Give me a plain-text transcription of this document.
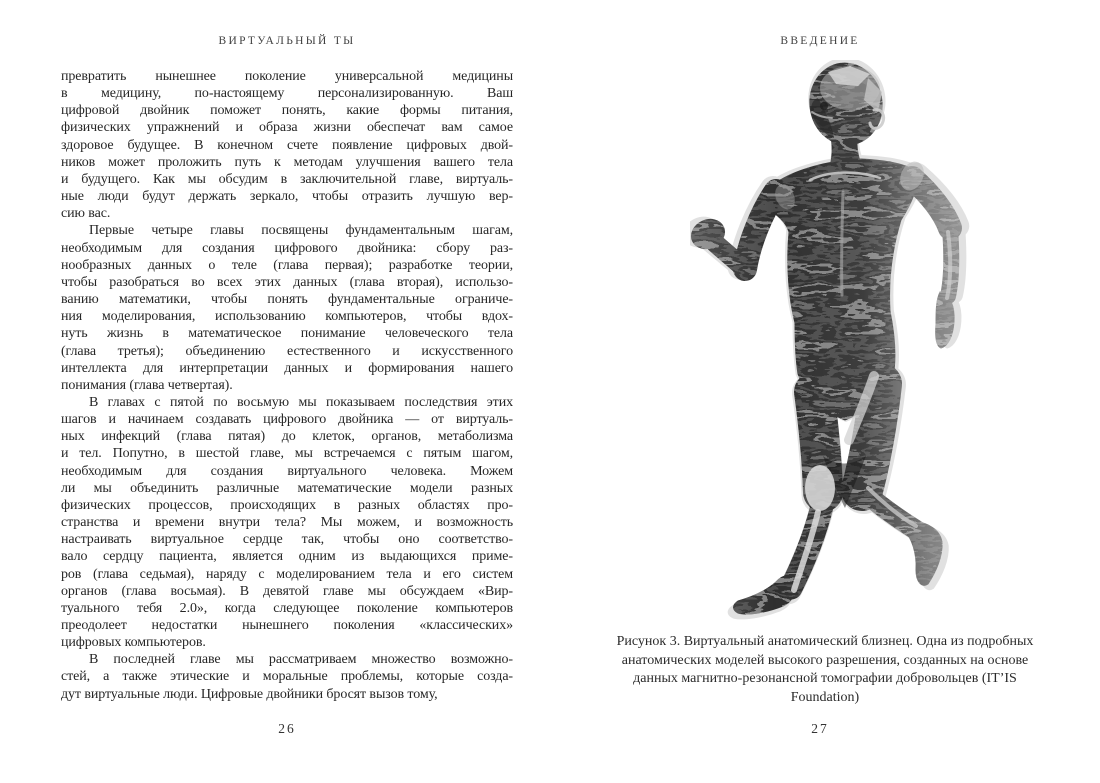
ВИРТУАЛЬНЫЙ ТЫ
превратить нынешнее поколение универсальной медицины
в медицину, по-настоящему персонализированную. Ваш
цифровой двойник поможет понять, какие формы питания,
физических упражнений и образа жизни обеспечат вам самое
здоровое будущее. В конечном счете появление цифровых двой-
ников может проложить путь к методам улучшения вашего тела
и будущего. Как мы обсудим в заключительной главе, виртуаль-
ные люди будут держать зеркало, чтобы отразить лучшую вер-
сию вас.
Первые четыре главы посвящены фундаментальным шагам,
необходимым для создания цифрового двойника: сбору раз-
нообразных данных о теле (глава первая); разработке теории,
чтобы разобраться во всех этих данных (глава вторая), использо-
ванию математики, чтобы понять фундаментальные ограниче-
ния моделирования, использованию компьютеров, чтобы вдох-
нуть жизнь в математическое понимание человеческого тела
(глава третья); объединению естественного и искусственного
интеллекта для интерпретации данных и формирования нашего
понимания (глава четвертая).
В главах с пятой по восьмую мы показываем последствия этих
шагов и начинаем создавать цифрового двойника — от виртуаль-
ных инфекций (глава пятая) до клеток, органов, метаболизма
и тел. Попутно, в шестой главе, мы встречаемся с пятым шагом,
необходимым для создания виртуального человека. Можем
ли мы объединить различные математические модели разных
физических процессов, происходящих в разных областях про-
странства и времени внутри тела? Мы можем, и возможность
настраивать виртуальное сердце так, чтобы оно соответство-
вало сердцу пациента, является одним из выдающихся приме-
ров (глава седьмая), наряду с моделированием тела и его систем
органов (глава восьмая). В девятой главе мы обсуждаем «Вир-
туального тебя 2.0», когда следующее поколение компьютеров
преодолеет недостатки нынешнего поколения «классических»
цифровых компьютеров.
В последней главе мы рассматриваем множество возможно-
стей, а также этические и моральные проблемы, которые созда-
дут виртуальные люди. Цифровые двойники бросят вызов тому,
26
ВВЕДЕНИЕ
Рисунок 3. Виртуальный анатомический близнец. Одна из подробных
анатомических моделей высокого разрешения, созданных на основе
данных магнитно-резонансной томографии добровольцев (IT’IS
Foundation)
27
